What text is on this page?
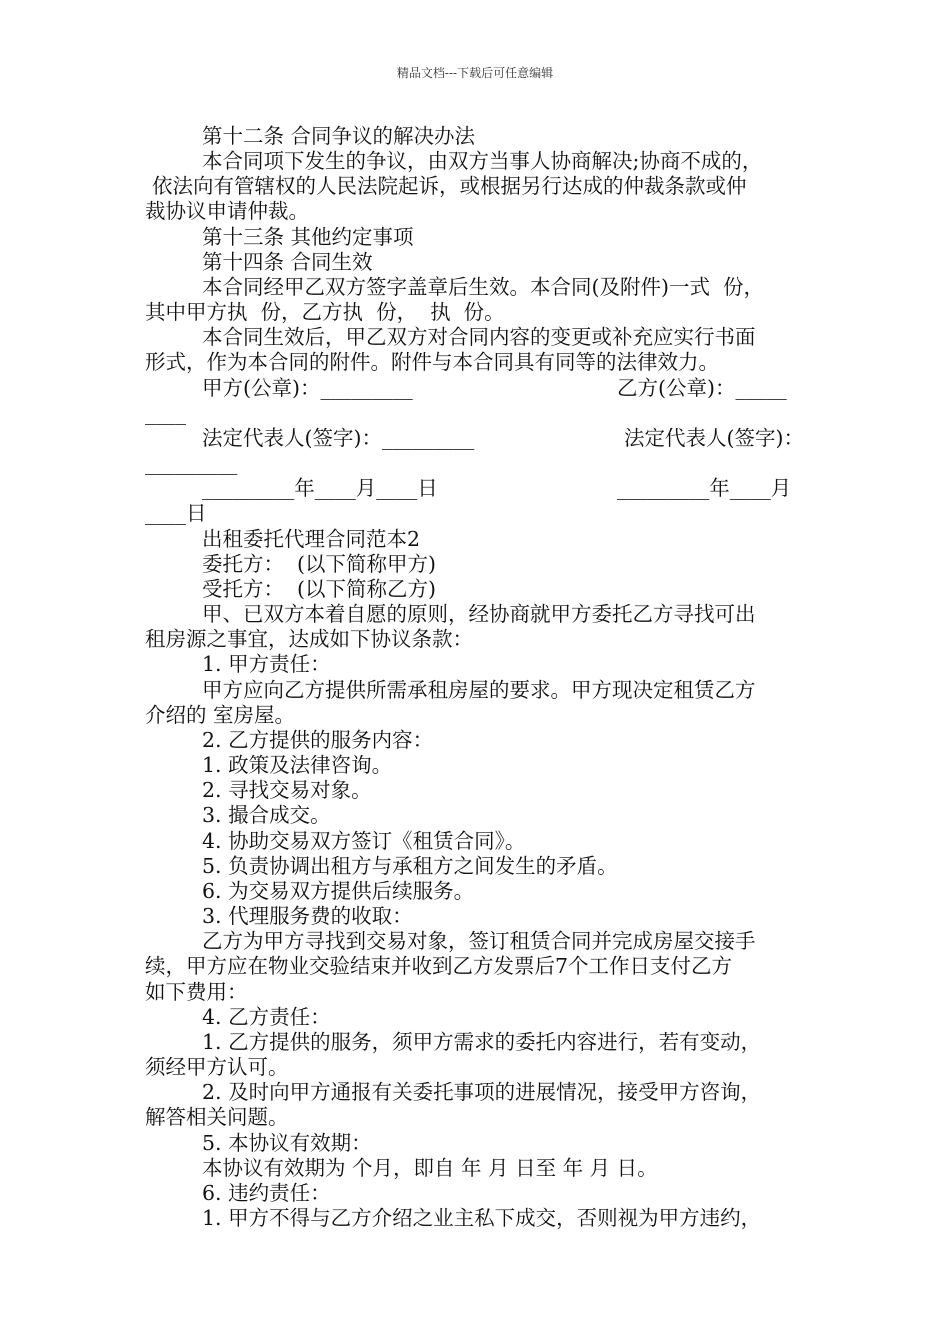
精品文档---下载后可任意编辑
第十二条 合同争议的解决办法
本合同项下发生的争议，由双方当事人协商解决;协商不成的，
依法向有管辖权的人民法院起诉，或根据另行达成的仲裁条款或仲
裁协议申请仲裁。
第十三条 其他约定事项
第十四条 合同生效
本合同经甲乙双方签字盖章后生效。本合同(及附件)一式  份，
其中甲方执  份，乙方执  份，  执  份。
本合同生效后，甲乙双方对合同内容的变更或补充应实行书面
形式，作为本合同的附件。附件与本合同具有同等的法律效力。
甲方(公章)：_________	乙方(公章)：_____
____
法定代表人(签字)：_________	法定代表人(签字)：
_________
_________年____月____日	_________年____月
____日
出租委托代理合同范本2
委托方：  (以下简称甲方)
受托方：  (以下简称乙方)
甲、已双方本着自愿的原则，经协商就甲方委托乙方寻找可出
租房源之事宜，达成如下协议条款：
1. 甲方责任：
甲方应向乙方提供所需承租房屋的要求。甲方现决定租赁乙方
介绍的 室房屋。
2. 乙方提供的服务内容：
1. 政策及法律咨询。
2. 寻找交易对象。
3. 撮合成交。
4. 协助交易双方签订《租赁合同》。
5. 负责协调出租方与承租方之间发生的矛盾。
6. 为交易双方提供后续服务。
3. 代理服务费的收取：
乙方为甲方寻找到交易对象，签订租赁合同并完成房屋交接手
续，甲方应在物业交验结束并收到乙方发票后7个工作日支付乙方
如下费用：
4. 乙方责任：
1. 乙方提供的服务，须甲方需求的委托内容进行，若有变动，
须经甲方认可。
2. 及时向甲方通报有关委托事项的进展情况，接受甲方咨询，
解答相关问题。
5. 本协议有效期：
本协议有效期为 个月，即自 年 月 日至 年 月 日。
6. 违约责任：
1. 甲方不得与乙方介绍之业主私下成交，否则视为甲方违约，
